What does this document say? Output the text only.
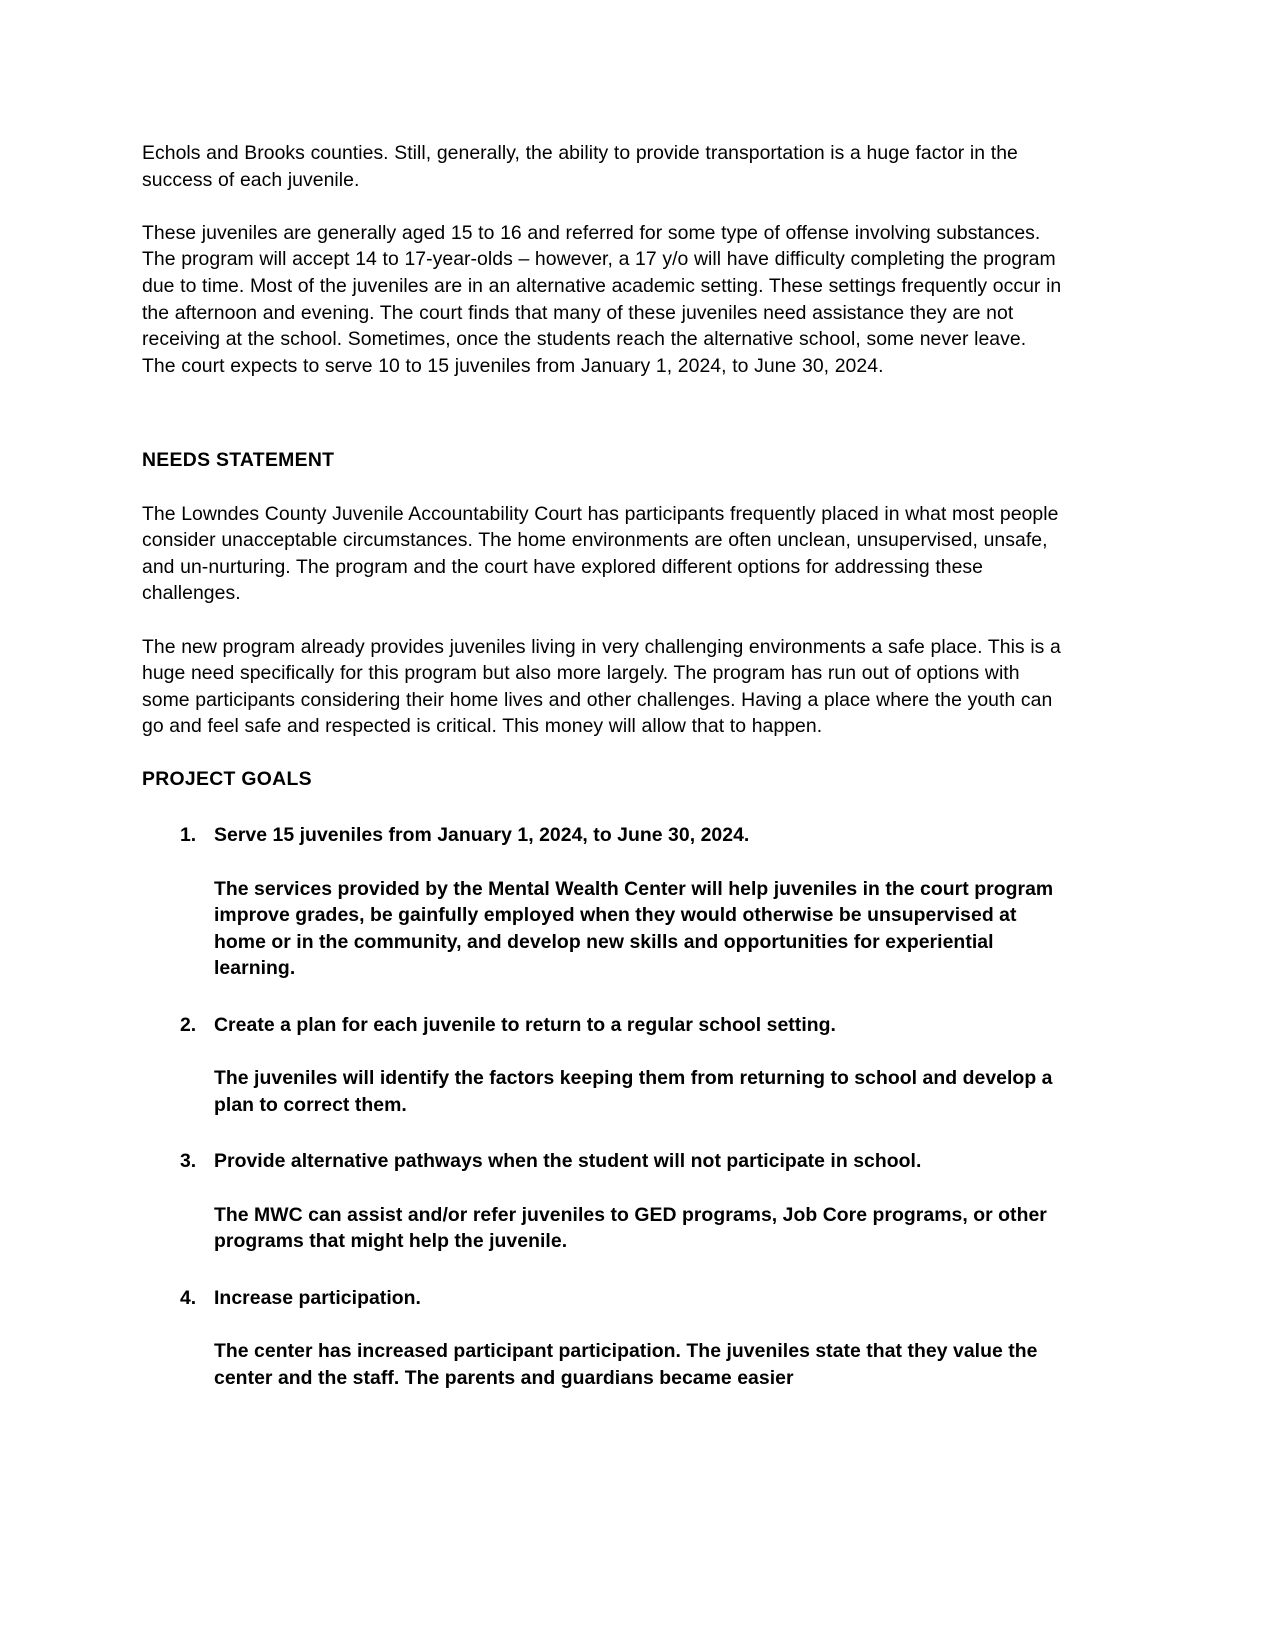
Echols and Brooks counties. Still, generally, the ability to provide transportation is a huge factor in the success of each juvenile.

These juveniles are generally aged 15 to 16 and referred for some type of offense involving substances. The program will accept 14 to 17-year-olds – however, a 17 y/o will have difficulty completing the program due to time. Most of the juveniles are in an alternative academic setting. These settings frequently occur in the afternoon and evening. The court finds that many of these juveniles need assistance they are not receiving at the school. Sometimes, once the students reach the alternative school, some never leave. The court expects to serve 10 to 15 juveniles from January 1, 2024, to June 30, 2024.

NEEDS STATEMENT

The Lowndes County Juvenile Accountability Court has participants frequently placed in what most people consider unacceptable circumstances. The home environments are often unclean, unsupervised, unsafe, and un-nurturing. The program and the court have explored different options for addressing these challenges.

The new program already provides juveniles living in very challenging environments a safe place. This is a huge need specifically for this program but also more largely. The program has run out of options with some participants considering their home lives and other challenges. Having a place where the youth can go and feel safe and respected is critical. This money will allow that to happen.

PROJECT GOALS
1. Serve 15 juveniles from January 1, 2024, to June 30, 2024.
The services provided by the Mental Wealth Center will help juveniles in the court program improve grades, be gainfully employed when they would otherwise be unsupervised at home or in the community, and develop new skills and opportunities for experiential learning.
2. Create a plan for each juvenile to return to a regular school setting.
The juveniles will identify the factors keeping them from returning to school and develop a plan to correct them.
3. Provide alternative pathways when the student will not participate in school.
The MWC can assist and/or refer juveniles to GED programs, Job Core programs, or other programs that might help the juvenile.
4. Increase participation.
The center has increased participant participation. The juveniles state that they value the center and the staff. The parents and guardians became easier
